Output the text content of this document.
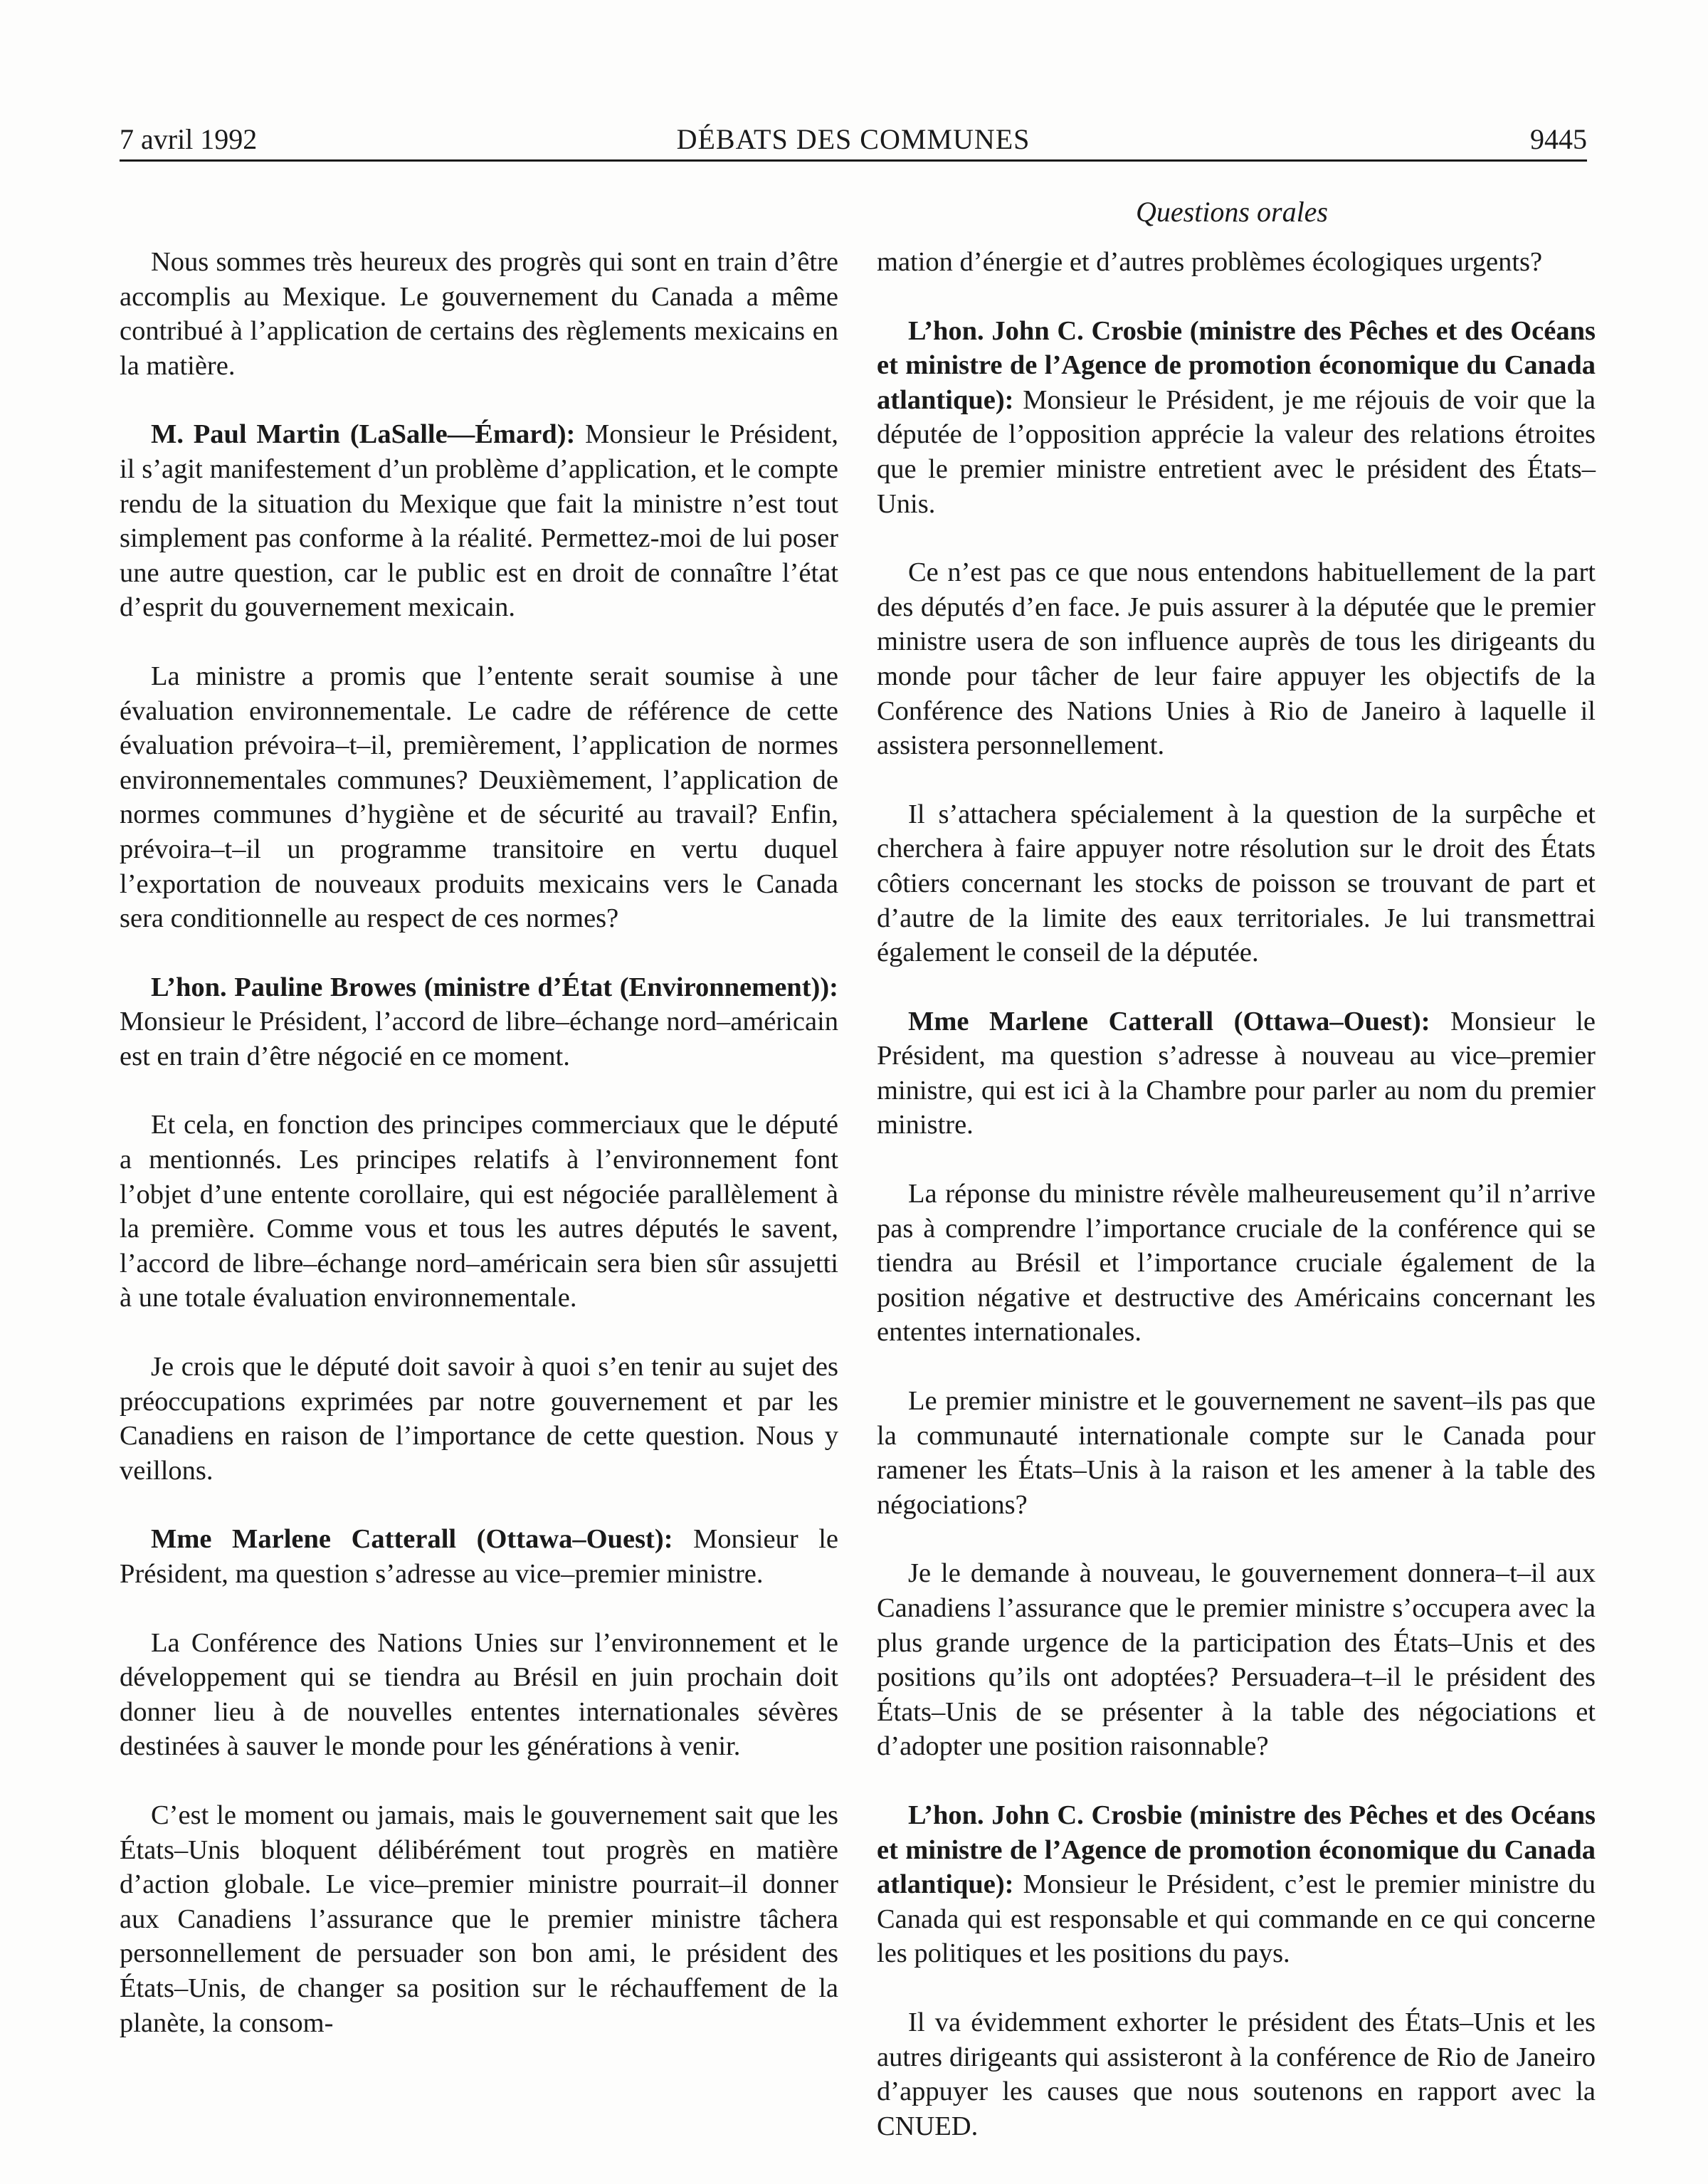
7 avril 1992	DÉBATS DES COMMUNES	9445
Questions orales

Nous sommes très heureux des progrès qui sont en train d’être accomplis au Mexique. Le gouvernement du Canada a même contribué à l’application de certains des règlements mexicains en la matière.

M. Paul Martin (LaSalle—Émard): Monsieur le Président, il s’agit manifestement d’un problème d’application, et le compte rendu de la situation du Mexique que fait la ministre n’est tout simplement pas conforme à la réalité. Permettez-moi de lui poser une autre question, car le public est en droit de connaître l’état d’esprit du gouvernement mexicain.

La ministre a promis que l’entente serait soumise à une évaluation environnementale. Le cadre de référence de cette évaluation prévoira–t–il, premièrement, l’application de normes environnementales communes? Deuxièmement, l’application de normes communes d’hygiène et de sécurité au travail? Enfin, prévoira–t–il un programme transitoire en vertu duquel l’exportation de nouveaux produits mexicains vers le Canada sera conditionnelle au respect de ces normes?

L’hon. Pauline Browes (ministre d’État (Environnement)): Monsieur le Président, l’accord de libre–échange nord–américain est en train d’être négocié en ce moment.

Et cela, en fonction des principes commerciaux que le député a mentionnés. Les principes relatifs à l’environnement font l’objet d’une entente corollaire, qui est négociée parallèlement à la première. Comme vous et tous les autres députés le savent, l’accord de libre–échange nord–américain sera bien sûr assujetti à une totale évaluation environnementale.

Je crois que le député doit savoir à quoi s’en tenir au sujet des préoccupations exprimées par notre gouvernement et par les Canadiens en raison de l’importance de cette question. Nous y veillons.

Mme Marlene Catterall (Ottawa–Ouest): Monsieur le Président, ma question s’adresse au vice–premier ministre.

La Conférence des Nations Unies sur l’environnement et le développement qui se tiendra au Brésil en juin prochain doit donner lieu à de nouvelles ententes internationales sévères destinées à sauver le monde pour les générations à venir.

C’est le moment ou jamais, mais le gouvernement sait que les États–Unis bloquent délibérément tout progrès en matière d’action globale. Le vice–premier ministre pourrait–il donner aux Canadiens l’assurance que le premier ministre tâchera personnellement de persuader son bon ami, le président des États–Unis, de changer sa position sur le réchauffement de la planète, la consom-

mation d’énergie et d’autres problèmes écologiques urgents?

L’hon. John C. Crosbie (ministre des Pêches et des Océans et ministre de l’Agence de promotion économique du Canada atlantique): Monsieur le Président, je me réjouis de voir que la députée de l’opposition apprécie la valeur des relations étroites que le premier ministre entretient avec le président des États–Unis.

Ce n’est pas ce que nous entendons habituellement de la part des députés d’en face. Je puis assurer à la députée que le premier ministre usera de son influence auprès de tous les dirigeants du monde pour tâcher de leur faire appuyer les objectifs de la Conférence des Nations Unies à Rio de Janeiro à laquelle il assistera personnellement.

Il s’attachera spécialement à la question de la surpêche et cherchera à faire appuyer notre résolution sur le droit des États côtiers concernant les stocks de poisson se trouvant de part et d’autre de la limite des eaux territoriales. Je lui transmettrai également le conseil de la députée.

Mme Marlene Catterall (Ottawa–Ouest): Monsieur le Président, ma question s’adresse à nouveau au vice–premier ministre, qui est ici à la Chambre pour parler au nom du premier ministre.

La réponse du ministre révèle malheureusement qu’il n’arrive pas à comprendre l’importance cruciale de la conférence qui se tiendra au Brésil et l’importance cruciale également de la position négative et destructive des Américains concernant les ententes internationales.

Le premier ministre et le gouvernement ne savent–ils pas que la communauté internationale compte sur le Canada pour ramener les États–Unis à la raison et les amener à la table des négociations?

Je le demande à nouveau, le gouvernement donnera–t–il aux Canadiens l’assurance que le premier ministre s’occupera avec la plus grande urgence de la participation des États–Unis et des positions qu’ils ont adoptées? Persuadera–t–il le président des États–Unis de se présenter à la table des négociations et d’adopter une position raisonnable?

L’hon. John C. Crosbie (ministre des Pêches et des Océans et ministre de l’Agence de promotion économique du Canada atlantique): Monsieur le Président, c’est le premier ministre du Canada qui est responsable et qui commande en ce qui concerne les politiques et les positions du pays.

Il va évidemment exhorter le président des États–Unis et les autres dirigeants qui assisteront à la conférence de Rio de Janeiro d’appuyer les causes que nous soutenons en rapport avec la CNUED.
